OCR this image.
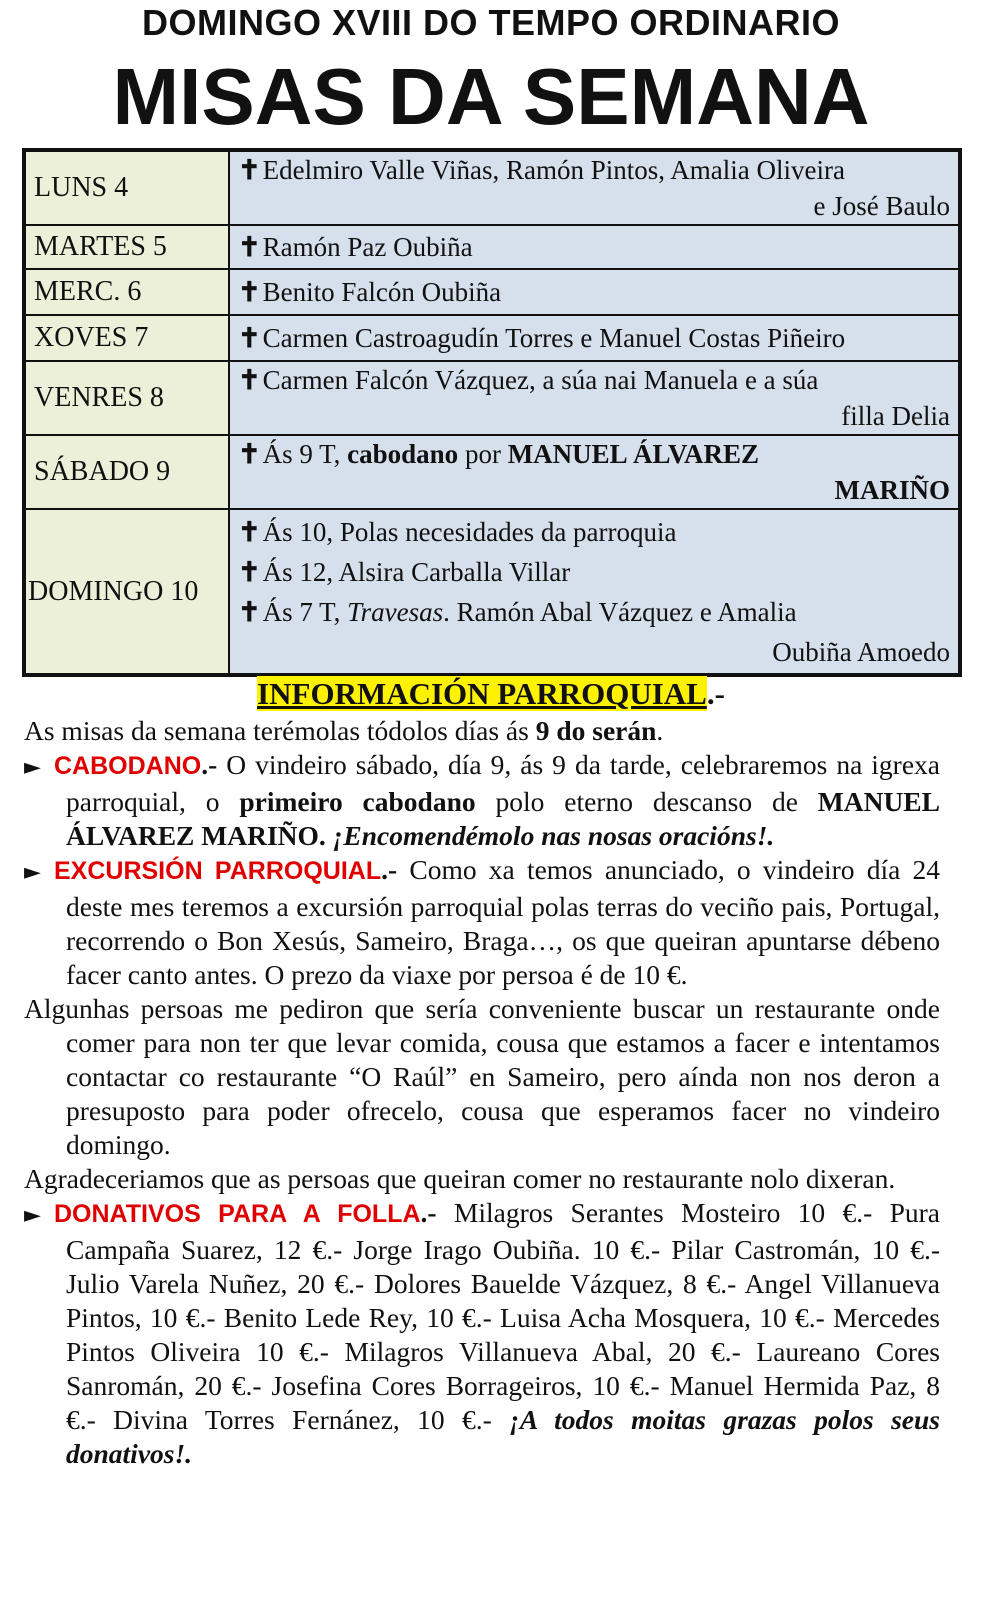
DOMINGO XVIII DO TEMPO ORDINARIO
MISAS DA SEMANA
LUNS 4	✝Edelmiro Valle Viñas, Ramón Pintos, Amalia Oliveira
e José Baulo

MARTES 5	✝Ramón Paz Oubiña

MERC. 6	✝Benito Falcón Oubiña

XOVES 7	✝Carmen Castroagudín Torres e Manuel Costas Piñeiro

VENRES 8	✝Carmen Falcón Vázquez, a súa nai Manuela e a súa
filla Delia

SÁBADO 9	✝Ás 9 T, cabodano por MANUEL ÁLVAREZ
MARIÑO

DOMINGO 10	✝Ás 10, Polas necesidades da parroquia
✝Ás 12, Alsira Carballa Villar
✝Ás 7 T, Travesas. Ramón Abal Vázquez e Amalia
Oubiña Amoedo
INFORMACIÓN PARROQUIAL.-

As misas da semana terémolas tódolos días ás 9 do serán.

► CABODANO.- O vindeiro sábado, día 9, ás 9 da tarde, celebraremos na igrexa parroquial, o primeiro cabodano polo eterno descanso de MANUEL ÁLVAREZ MARIÑO. ¡Encomendémolo nas nosas oracións!.

► EXCURSIÓN PARROQUIAL.- Como xa temos anunciado, o vindeiro día 24 deste mes teremos a excursión parroquial polas terras do veciño pais, Portugal, recorrendo o Bon Xesús, Sameiro, Braga…, os que queiran apuntarse débeno facer canto antes. O prezo da viaxe por persoa é de 10 €.

Algunhas persoas me pediron que sería conveniente buscar un restaurante onde comer para non ter que levar comida, cousa que estamos a facer e intentamos contactar co restaurante “O Raúl” en Sameiro, pero aínda non nos deron a presuposto para poder ofrecelo, cousa que esperamos facer no vindeiro domingo.

Agradeceriamos que as persoas que queiran comer no restaurante nolo dixeran.

► DONATIVOS PARA A FOLLA.- Milagros Serantes Mosteiro 10 €.- Pura Campaña Suarez, 12 €.- Jorge Irago Oubiña. 10 €.- Pilar Castromán, 10 €.- Julio Varela Nuñez, 20 €.- Dolores Bauelde Vázquez, 8 €.- Angel Villanueva Pintos, 10 €.- Benito Lede Rey, 10 €.- Luisa Acha Mosquera, 10 €.- Mercedes Pintos Oliveira 10 €.- Milagros Villanueva Abal, 20 €.- Laureano Cores Sanromán, 20 €.- Josefina Cores Borrageiros, 10 €.- Manuel Hermida Paz, 8 €.- Divina Torres Fernánez, 10 €.- ¡A todos moitas grazas polos seus donativos!.
